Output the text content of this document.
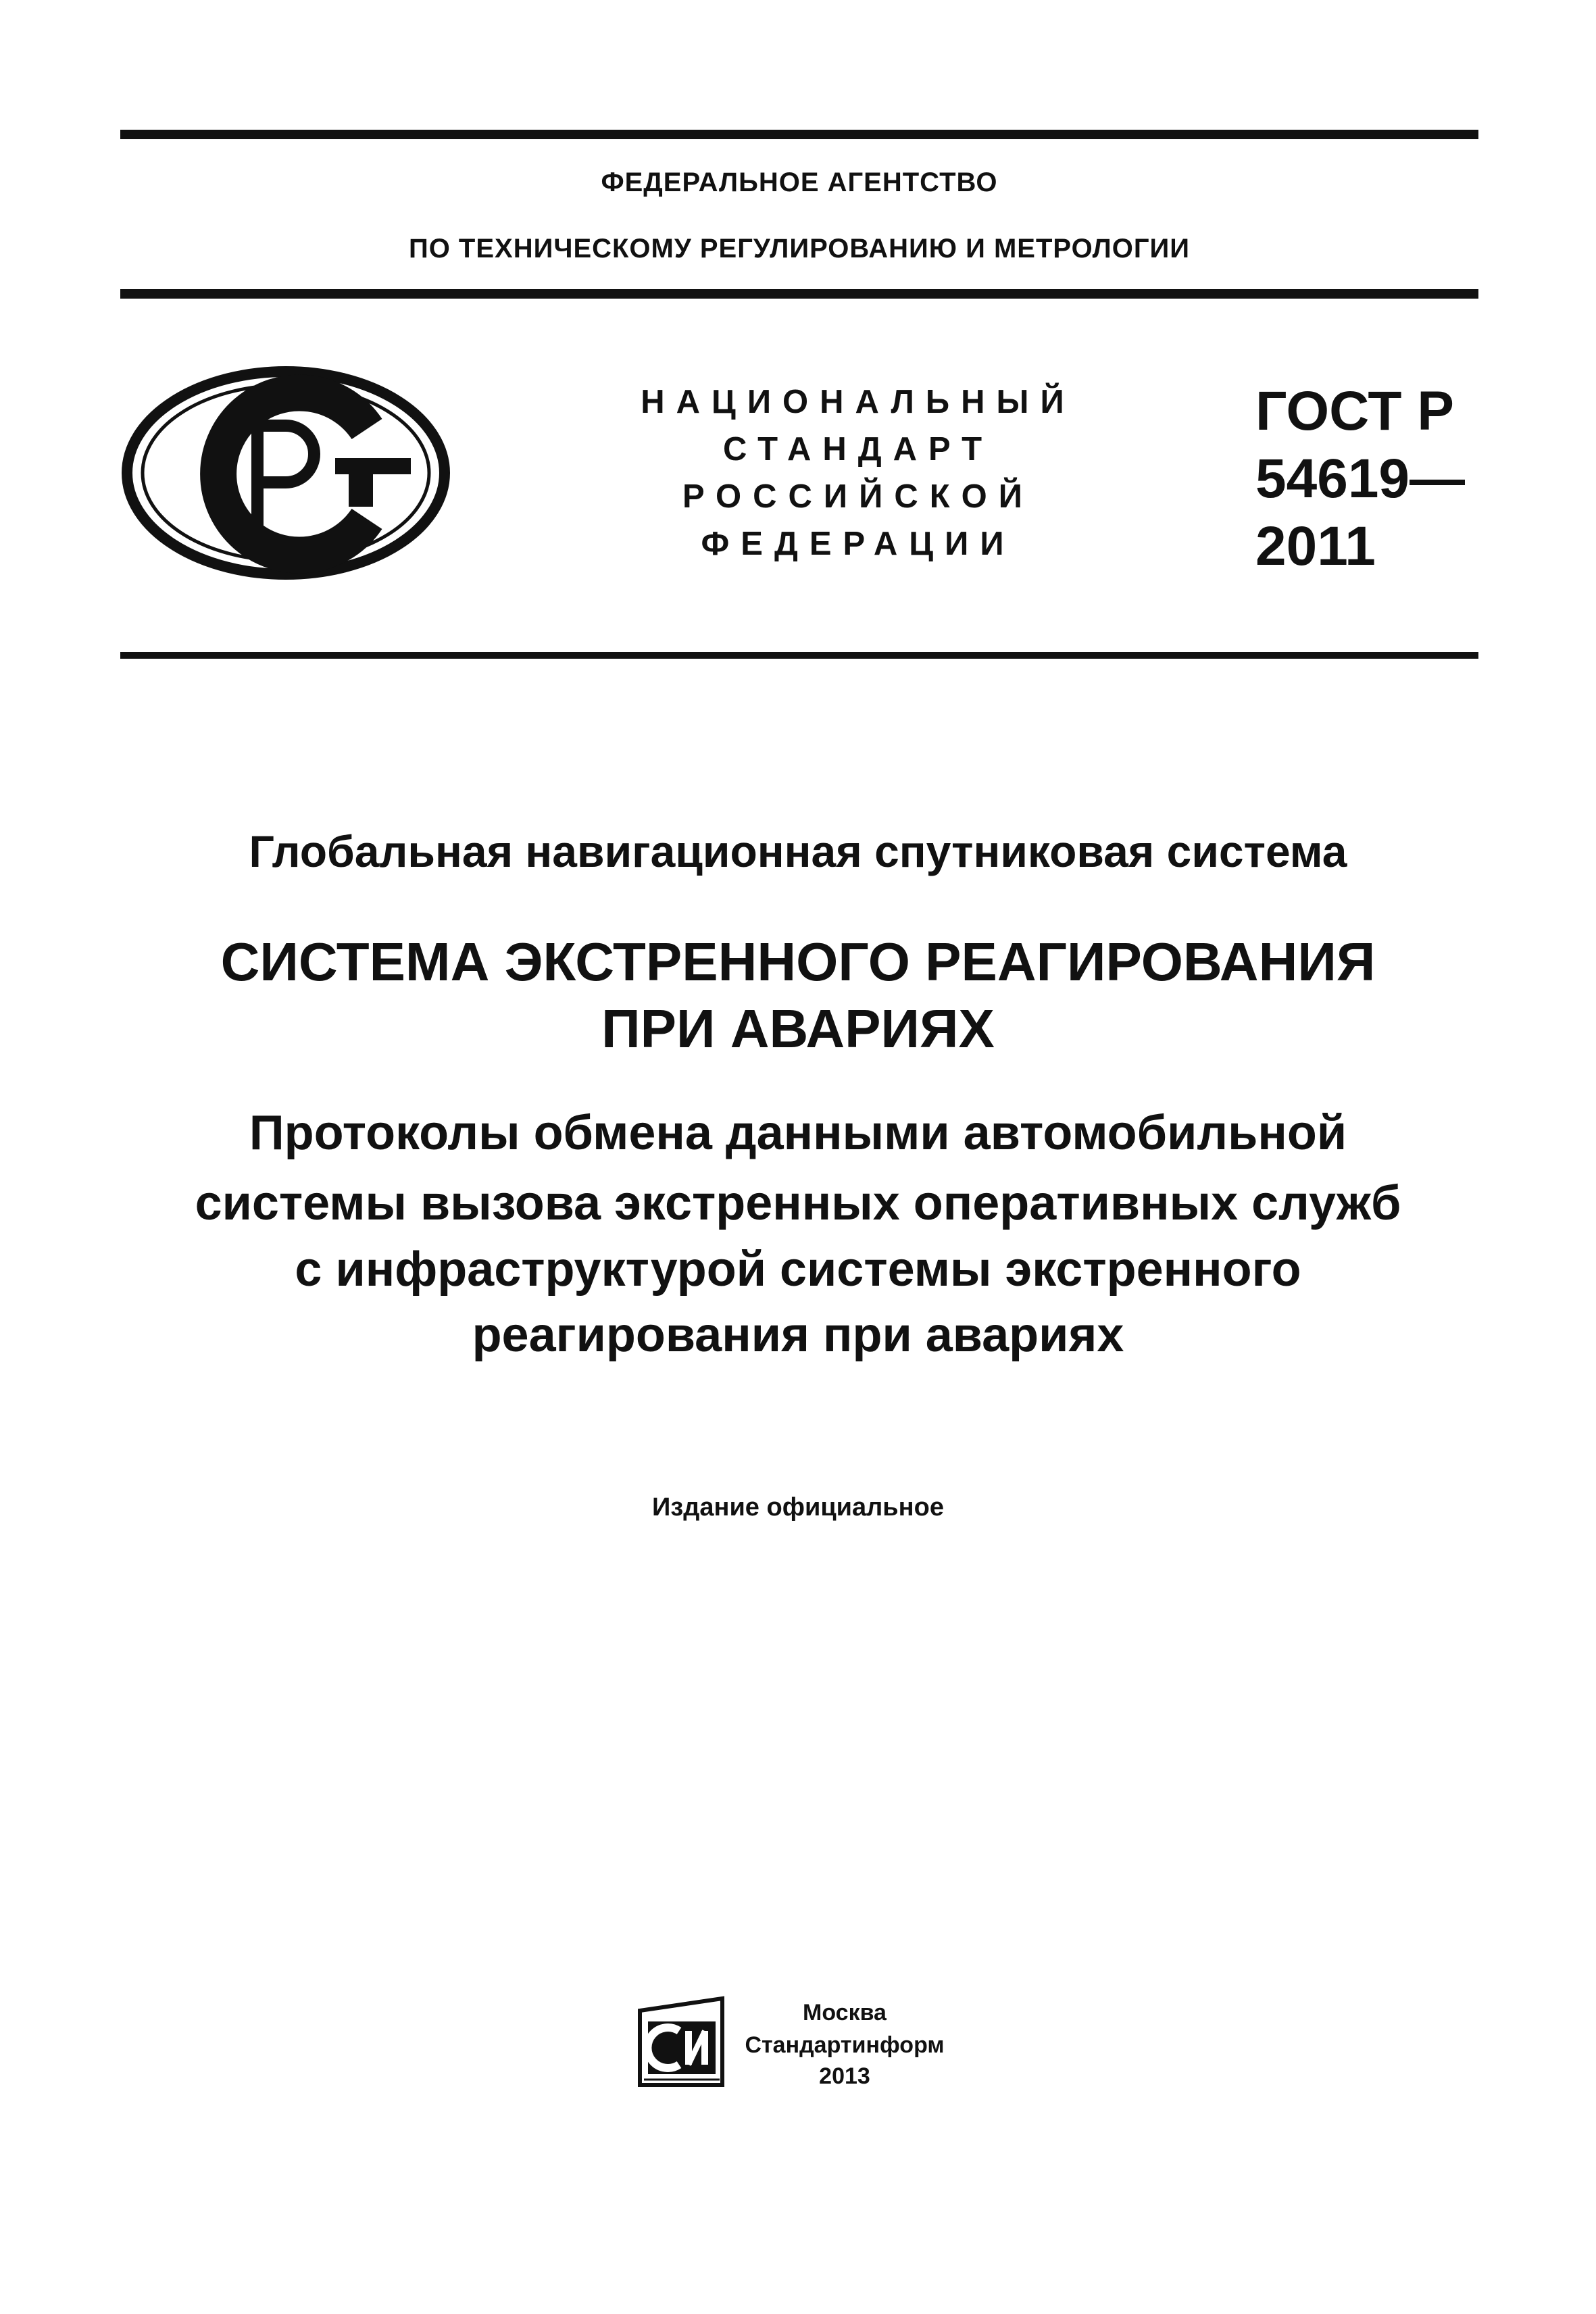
ФЕДЕРАЛЬНОЕ АГЕНТСТВО
ПО ТЕХНИЧЕСКОМУ РЕГУЛИРОВАНИЮ И МЕТРОЛОГИИ
НАЦИОНАЛЬНЫЙ
СТАНДАРТ
РОССИЙСКОЙ
ФЕДЕРАЦИИ
ГОСТ Р
54619—
2011
Глобальная навигационная спутниковая система
СИСТЕМА ЭКСТРЕННОГО РЕАГИРОВАНИЯ
ПРИ АВАРИЯХ
Протоколы обмена данными автомобильной
системы вызова экстренных оперативных служб
с инфраструктурой системы экстренного
реагирования при авариях
Издание официальное
Москва
Стандартинформ
2013
